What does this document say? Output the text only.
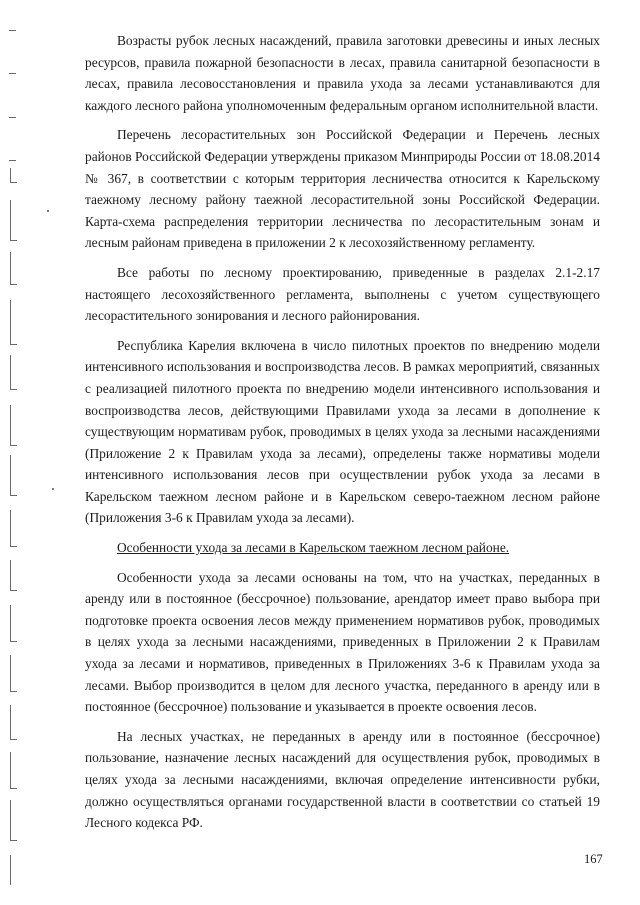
Возрасты рубок лесных насаждений, правила заготовки древесины и иных лесных ресурсов, правила пожарной безопасности в лесах, правила санитарной безопасности в лесах, правила лесовосстановления и правила ухода за лесами устанавливаются для каждого лесного района уполномоченным федеральным органом исполнительной власти.

Перечень лесорастительных зон Российской Федерации и Перечень лесных районов Российской Федерации утверждены приказом Минприроды России от 18.08.2014 № 367, в соответствии с которым территория лесничества относится к Карельскому таежному лесному району таежной лесорастительной зоны Российской Федерации. Карта-схема распределения территории лесничества по лесорастительным зонам и лесным районам приведена в приложении 2 к лесохозяйственному регламенту.

Все работы по лесному проектированию, приведенные в разделах 2.1-2.17 настоящего лесохозяйственного регламента, выполнены с учетом существующего лесорастительного зонирования и лесного районирования.

Республика Карелия включена в число пилотных проектов по внедрению модели интенсивного использования и воспроизводства лесов. В рамках мероприятий, связанных с реализацией пилотного проекта по внедрению модели интенсивного использования и воспроизводства лесов, действующими Правилами ухода за лесами в дополнение к существующим нормативам рубок, проводимых в целях ухода за лесными насаждениями (Приложение 2 к Правилам ухода за лесами), определены также нормативы модели интенсивного использования лесов при осуществлении рубок ухода за лесами в Карельском таежном лесном районе и в Карельском северо-таежном лесном районе (Приложения 3-6 к Правилам ухода за лесами).

Особенности ухода за лесами в Карельском таежном лесном районе.

Особенности ухода за лесами основаны на том, что на участках, переданных в аренду или в постоянное (бессрочное) пользование, арендатор имеет право выбора при подготовке проекта освоения лесов между применением нормативов рубок, проводимых в целях ухода за лесными насаждениями, приведенных в Приложении 2 к Правилам ухода за лесами и нормативов, приведенных в Приложениях 3-6 к Правилам ухода за лесами. Выбор производится в целом для лесного участка, переданного в аренду или в постоянное (бессрочное) пользование и указывается в проекте освоения лесов.

На лесных участках, не переданных в аренду или в постоянное (бессрочное) пользование, назначение лесных насаждений для осуществления рубок, проводимых в целях ухода за лесными насаждениями, включая определение интенсивности рубки, должно осуществляться органами государственной власти в соответствии со статьей 19 Лесного кодекса РФ.

167
